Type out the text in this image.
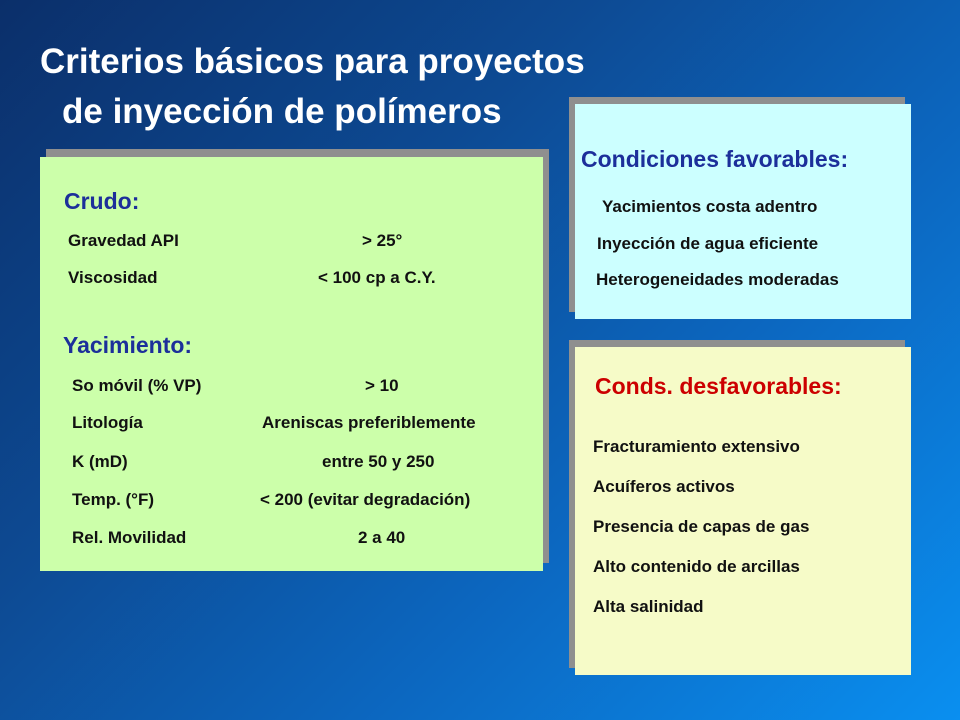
Criterios básicos para proyectos
de inyección de polímeros
Crudo:
Gravedad API	> 25°
Viscosidad	< 100 cp a C.Y.
Yacimiento:
So móvil (% VP)	> 10
Litología	Areniscas preferiblemente
K (mD)	entre 50 y 250
Temp. (°F)	< 200 (evitar degradación)
Rel. Movilidad	2 a 40
Condiciones favorables:
Yacimientos costa adentro
Inyección de agua eficiente
Heterogeneidades moderadas
Conds. desfavorables:
Fracturamiento extensivo
Acuíferos activos
Presencia de capas de gas
Alto contenido de arcillas
Alta salinidad
